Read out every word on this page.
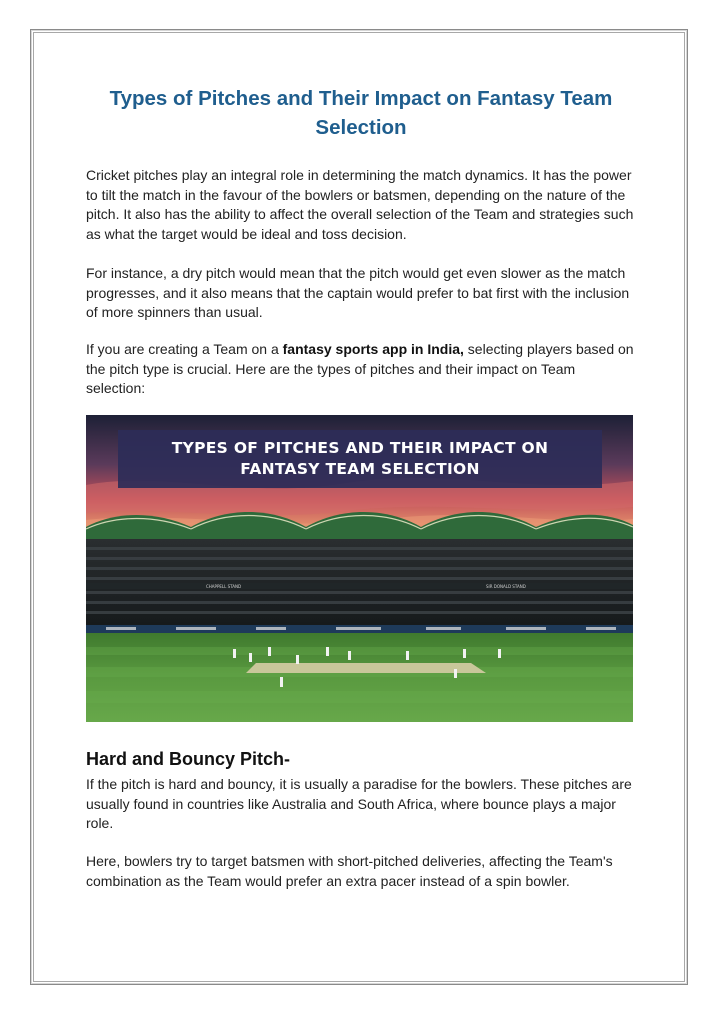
Types of Pitches and Their Impact on Fantasy Team Selection

Cricket pitches play an integral role in determining the match dynamics. It has the power to tilt the match in the favour of the bowlers or batsmen, depending on the nature of the pitch. It also has the ability to affect the overall selection of the Team and strategies such as what the target would be ideal and toss decision.

For instance, a dry pitch would mean that the pitch would get even slower as the match progresses, and it also means that the captain would prefer to bat first with the inclusion of more spinners than usual.

If you are creating a Team on a fantasy sports app in India, selecting players based on the pitch type is crucial. Here are the types of pitches and their impact on Team selection:

CHAPPELL STAND	SIR DONALD STAND
TYPES OF PITCHES AND THEIR IMPACT ON
FANTASY TEAM SELECTION
Hard and Bouncy Pitch-

If the pitch is hard and bouncy, it is usually a paradise for the bowlers. These pitches are usually found in countries like Australia and South Africa, where bounce plays a major role.

Here, bowlers try to target batsmen with short-pitched deliveries, affecting the Team's combination as the Team would prefer an extra pacer instead of a spin bowler.
